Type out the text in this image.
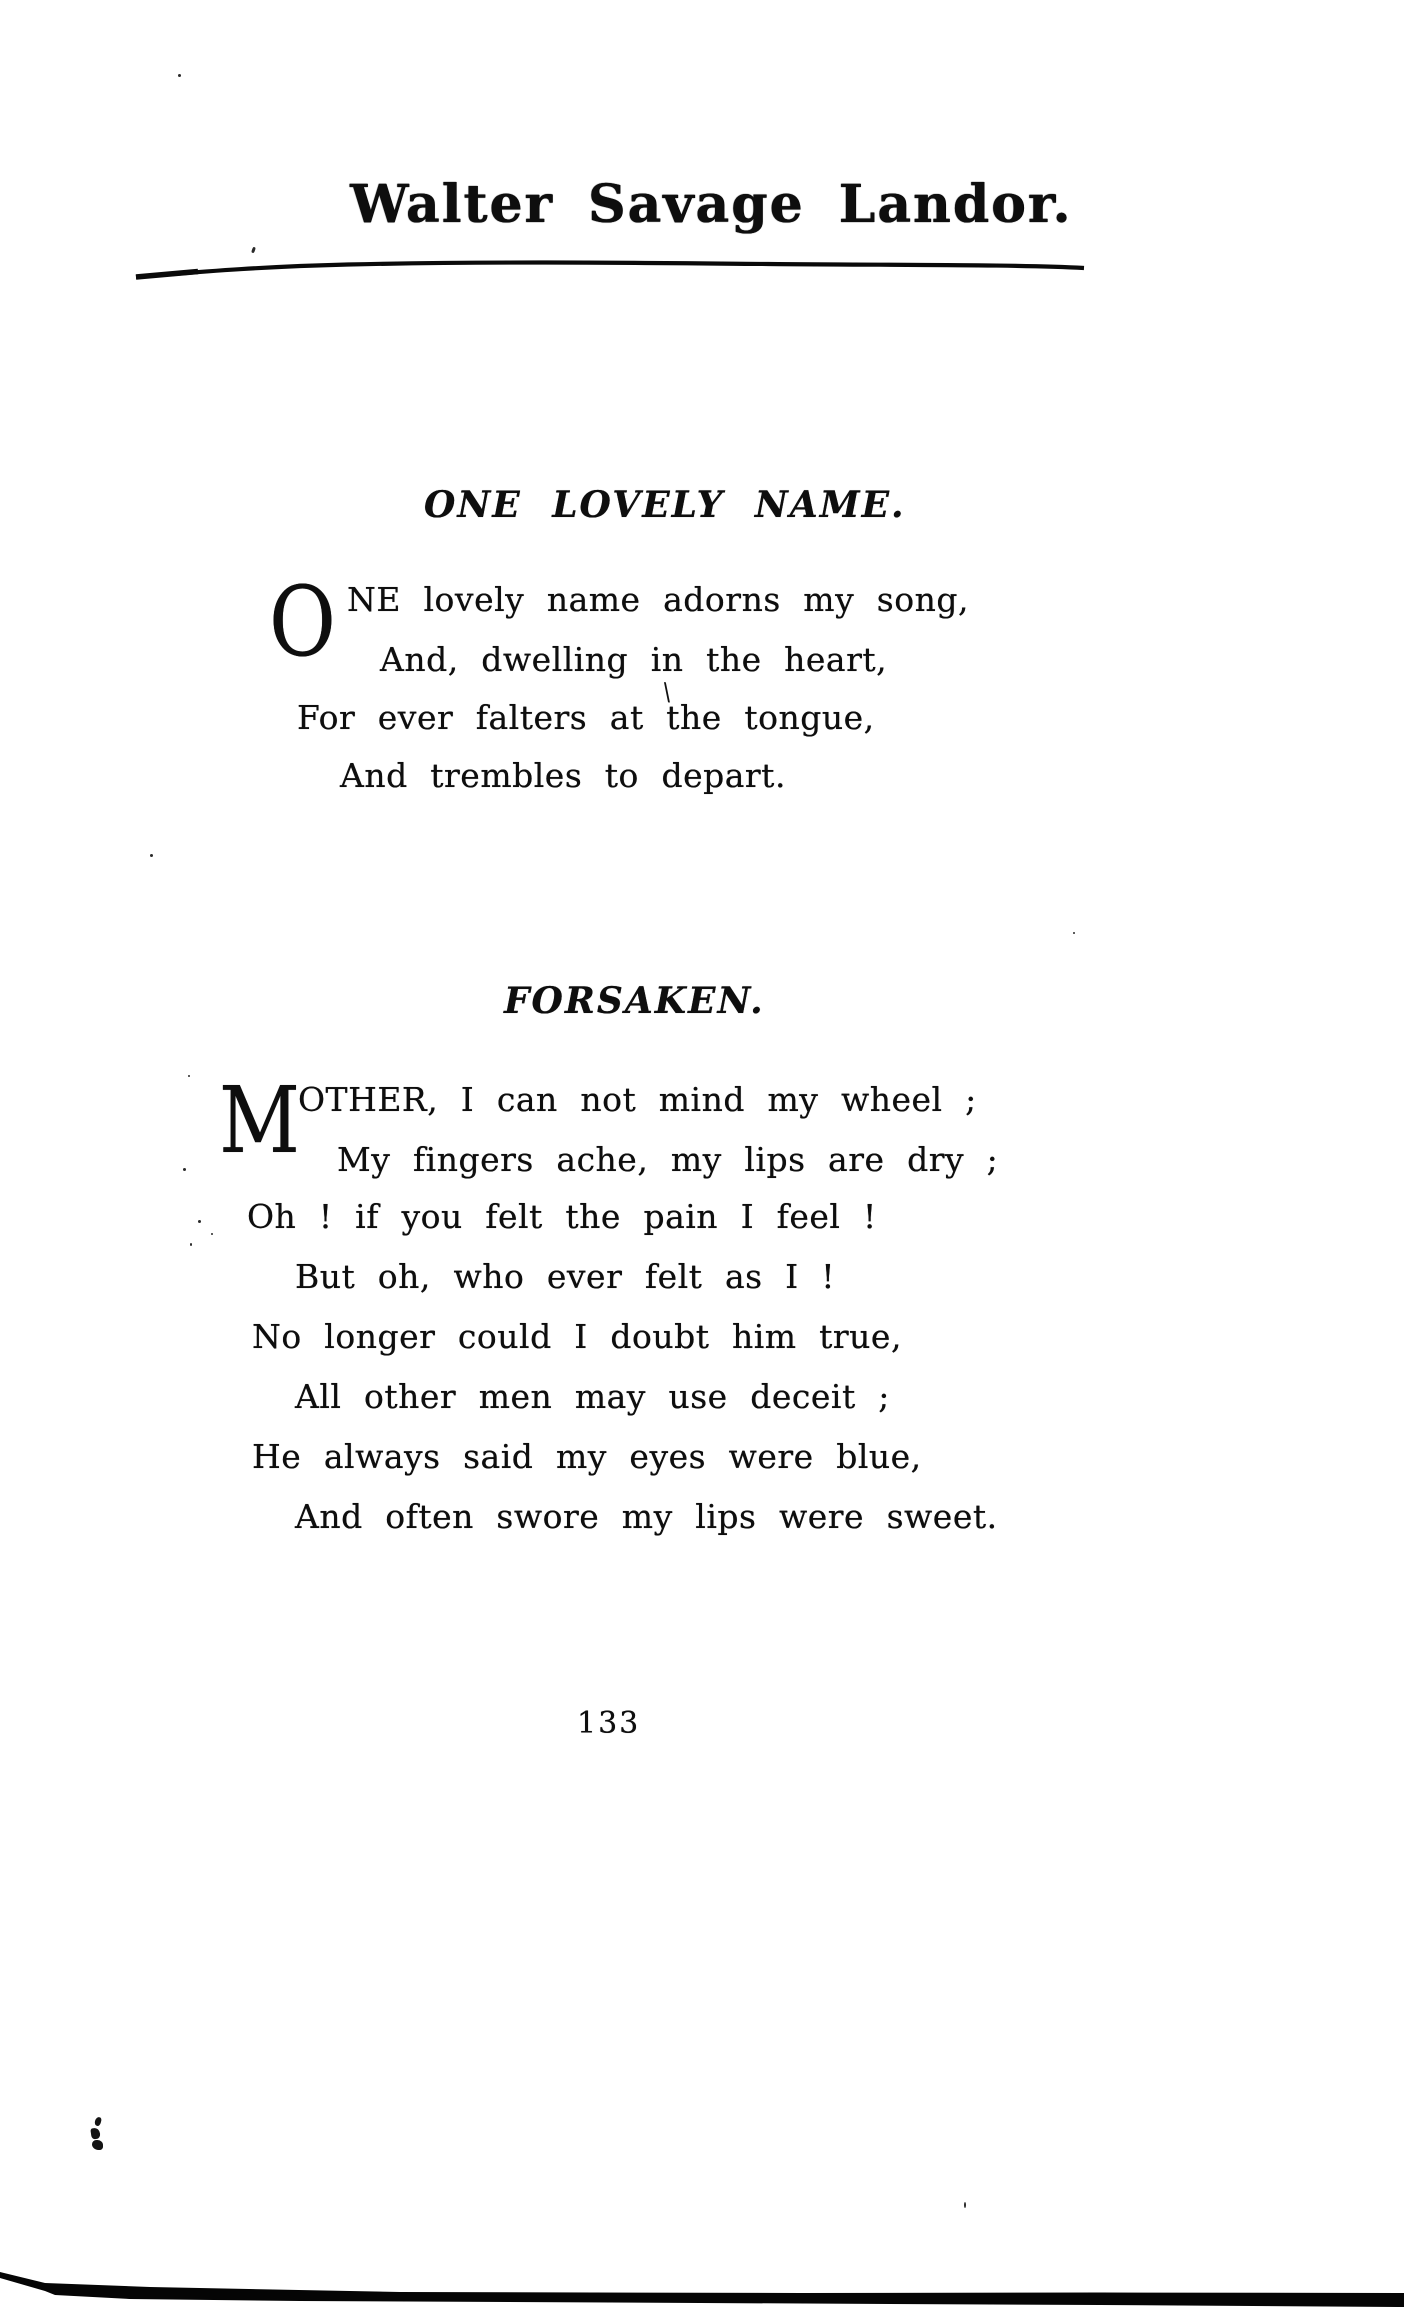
Walter Savage Landor.
ONE LOVELY NAME.
O NE lovely name adorns my song,
And, dwelling in the heart,
For ever falters at the tongue,
And trembles to depart.
\
FORSAKEN.
M
OTHER, I can not mind my wheel ;
My fingers ache, my lips are dry ;
Oh ! if you felt the pain I feel !
But oh, who ever felt as I !
No longer could I doubt him true,
All other men may use deceit ;
He always said my eyes were blue,
And often swore my lips were sweet.
133
